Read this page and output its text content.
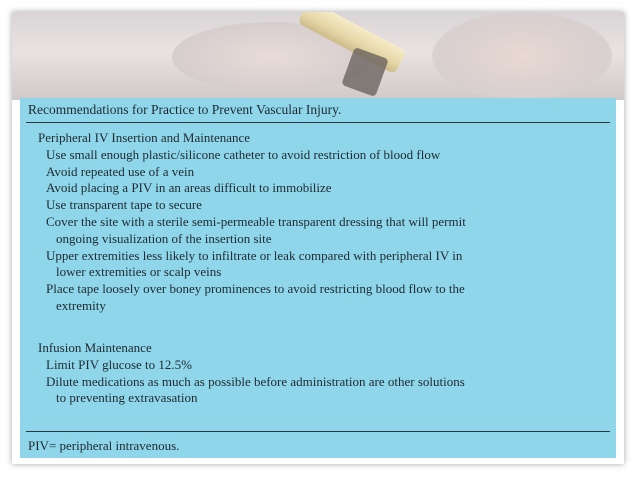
Recommendations for Practice to Prevent Vascular Injury.
Peripheral IV Insertion and Maintenance
Use small enough plastic/silicone catheter to avoid restriction of blood flow
Avoid repeated use of a vein
Avoid placing a PIV in an areas difficult to immobilize
Use transparent tape to secure
Cover the site with a sterile semi-permeable transparent dressing that will permit
ongoing visualization of the insertion site
Upper extremities less likely to infiltrate or leak compared with peripheral IV in
lower extremities or scalp veins
Place tape loosely over boney prominences to avoid restricting blood flow to the
extremity
Infusion Maintenance
Limit PIV glucose to 12.5%
Dilute medications as much as possible before administration are other solutions
to preventing extravasation
PIV= peripheral intravenous.
